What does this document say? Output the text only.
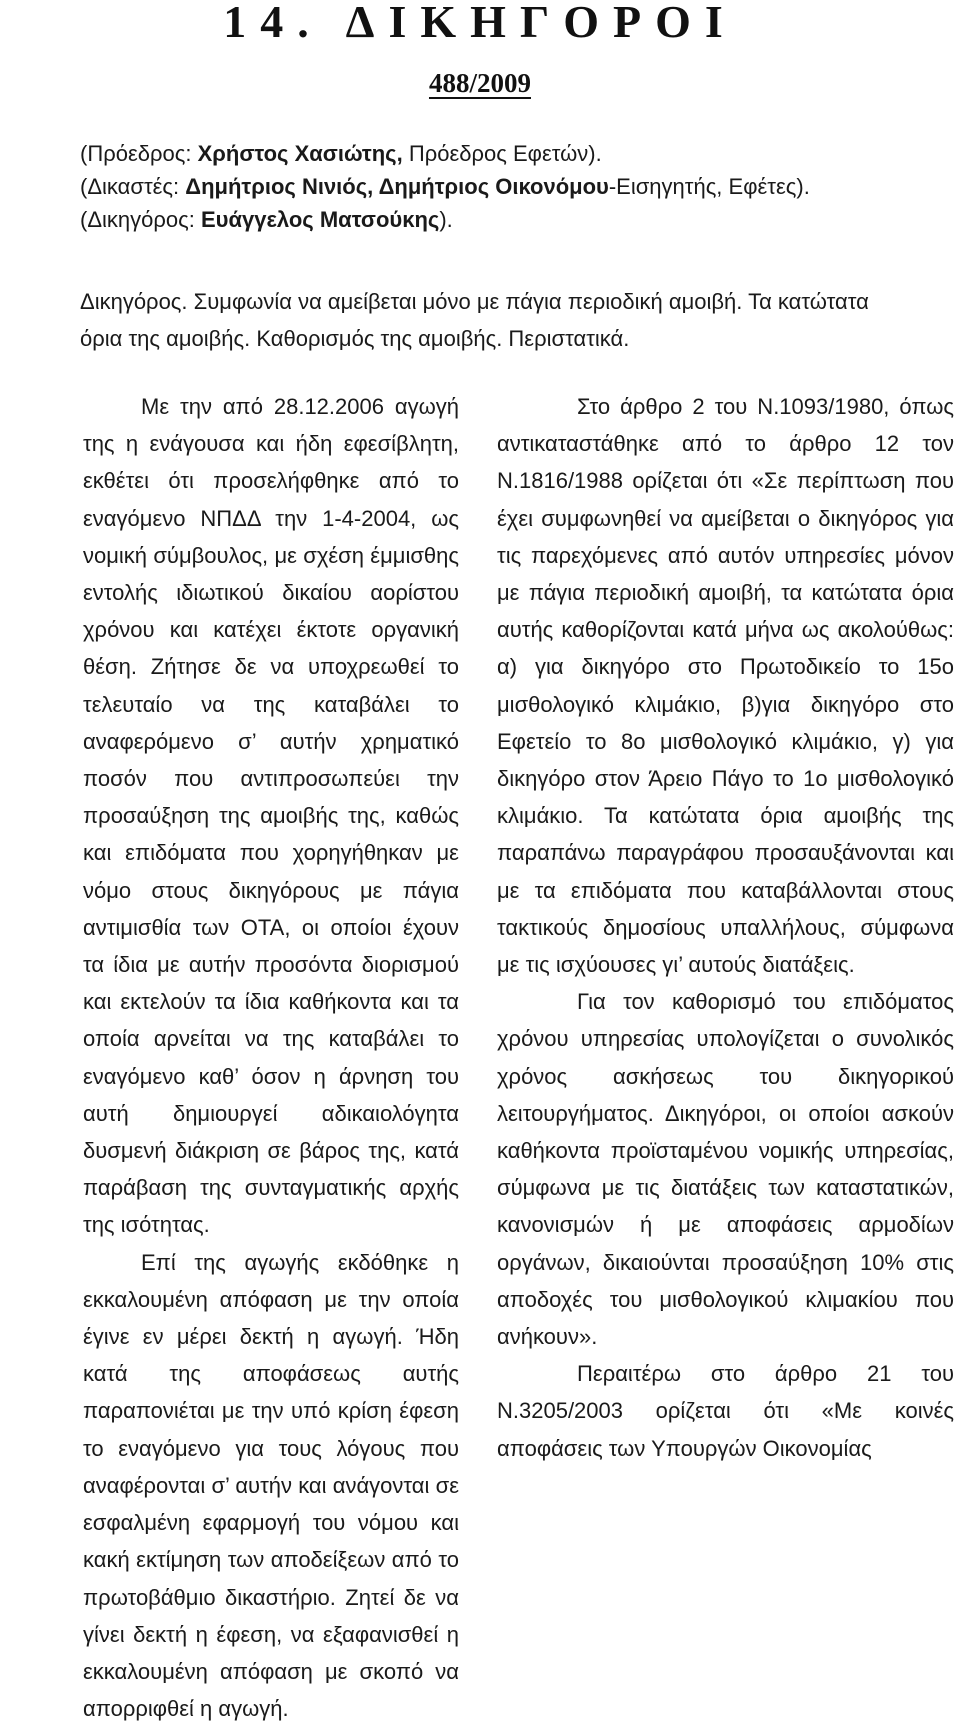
14. ΔΙΚΗΓΟΡΟΙ
488/2009
(Πρόεδρος: Χρήστος Χασιώτης, Πρόεδρος Εφετών).
(Δικαστές: Δημήτριος Νινιός, Δημήτριος Οικονόμου-Εισηγητής, Εφέτες).
(Δικηγόρος: Ευάγγελος Ματσούκης).
Δικηγόρος. Συμφωνία να αμείβεται μόνο με πάγια περιοδική αμοιβή. Τα κατώτατα όρια της αμοιβής. Καθορισμός της αμοιβής. Περιστατικά.

Με την από 28.12.2006 αγωγή της η ενάγουσα και ήδη εφεσίβλητη, εκθέτει ότι προσελήφθηκε από το εναγόμενο ΝΠΔΔ την 1-4-2004, ως νομική σύμβουλος, με σχέση έμμισθης εντολής ιδιωτικού δικαίου αορίστου χρόνου και κατέχει έκτοτε οργανική θέση. Ζήτησε δε να υποχρεωθεί το τελευταίο να της καταβάλει το αναφερόμενο σ’ αυτήν χρηματικό ποσόν που αντιπροσωπεύει την προσαύξηση της αμοιβής της, καθώς και επιδόματα που χορηγήθηκαν με νόμο στους δικηγόρους με πάγια αντιμισθία των ΟΤΑ, οι οποίοι έχουν τα ίδια με αυτήν προσόντα διορισμού και εκτελούν τα ίδια καθήκοντα και τα οποία αρνείται να της καταβάλει το εναγόμενο καθ’ όσον η άρνηση του αυτή δημιουργεί αδικαιολόγητα δυσμενή διάκριση σε βάρος της, κατά παράβαση της συνταγματικής αρχής της ισότητας.

Επί της αγωγής εκδόθηκε η εκκαλουμένη απόφαση με την οποία έγινε εν μέρει δεκτή η αγωγή. Ήδη κατά της αποφάσεως αυτής παραπονιέται με την υπό κρίση έφεση το εναγόμενο για τους λόγους που αναφέρονται σ’ αυτήν και ανάγονται σε εσφαλμένη εφαρμογή του νόμου και κακή εκτίμηση των αποδείξεων από το πρωτοβάθμιο δικαστήριο. Ζητεί δε να γίνει δεκτή η έφεση, να εξαφανισθεί η εκκαλουμένη απόφαση με σκοπό να απορριφθεί η αγωγή.

Στο άρθρο 2 του Ν.1093/1980, όπως αντικαταστάθηκε από το άρθρο 12 τον Ν.1816/1988 ορίζεται ότι «Σε περίπτωση που έχει συμφωνηθεί να αμείβεται ο δικηγόρος για τις παρεχόμενες από αυτόν υπηρεσίες μόνον με πάγια περιοδική αμοιβή, τα κατώτατα όρια αυτής καθορίζονται κατά μήνα ως ακολούθως: α) για δικηγόρο στο Πρωτοδικείο το 15ο μισθολογικό κλιμάκιο, β)για δικηγόρο στο Εφετείο το 8ο μισθολογικό κλιμάκιο, γ) για δικηγόρο στον Άρειο Πάγο το 1ο μισθολογικό κλιμάκιο. Τα κατώτατα όρια αμοιβής της παραπάνω παραγράφου προσαυξάνονται και με τα επιδόματα που καταβάλλονται στους τακτικούς δημοσίους υπαλλήλους, σύμφωνα με τις ισχύουσες γι’ αυτούς διατάξεις.

Για τον καθορισμό του επιδόματος χρόνου υπηρεσίας υπολογίζεται ο συνολικός χρόνος ασκήσεως του δικηγορικού λειτουργήματος. Δικηγόροι, οι οποίοι ασκούν καθήκοντα προϊσταμένου νομικής υπηρεσίας, σύμφωνα με τις διατάξεις των καταστατικών, κανονισμών ή με αποφάσεις αρμοδίων οργάνων, δικαιούνται προσαύξηση 10% στις αποδοχές του μισθολογικού κλιμακίου που ανήκουν».

Περαιτέρω στο άρθρο 21 του Ν.3205/2003 ορίζεται ότι «Με κοινές αποφάσεις των Υπουργών Οικονομίας
